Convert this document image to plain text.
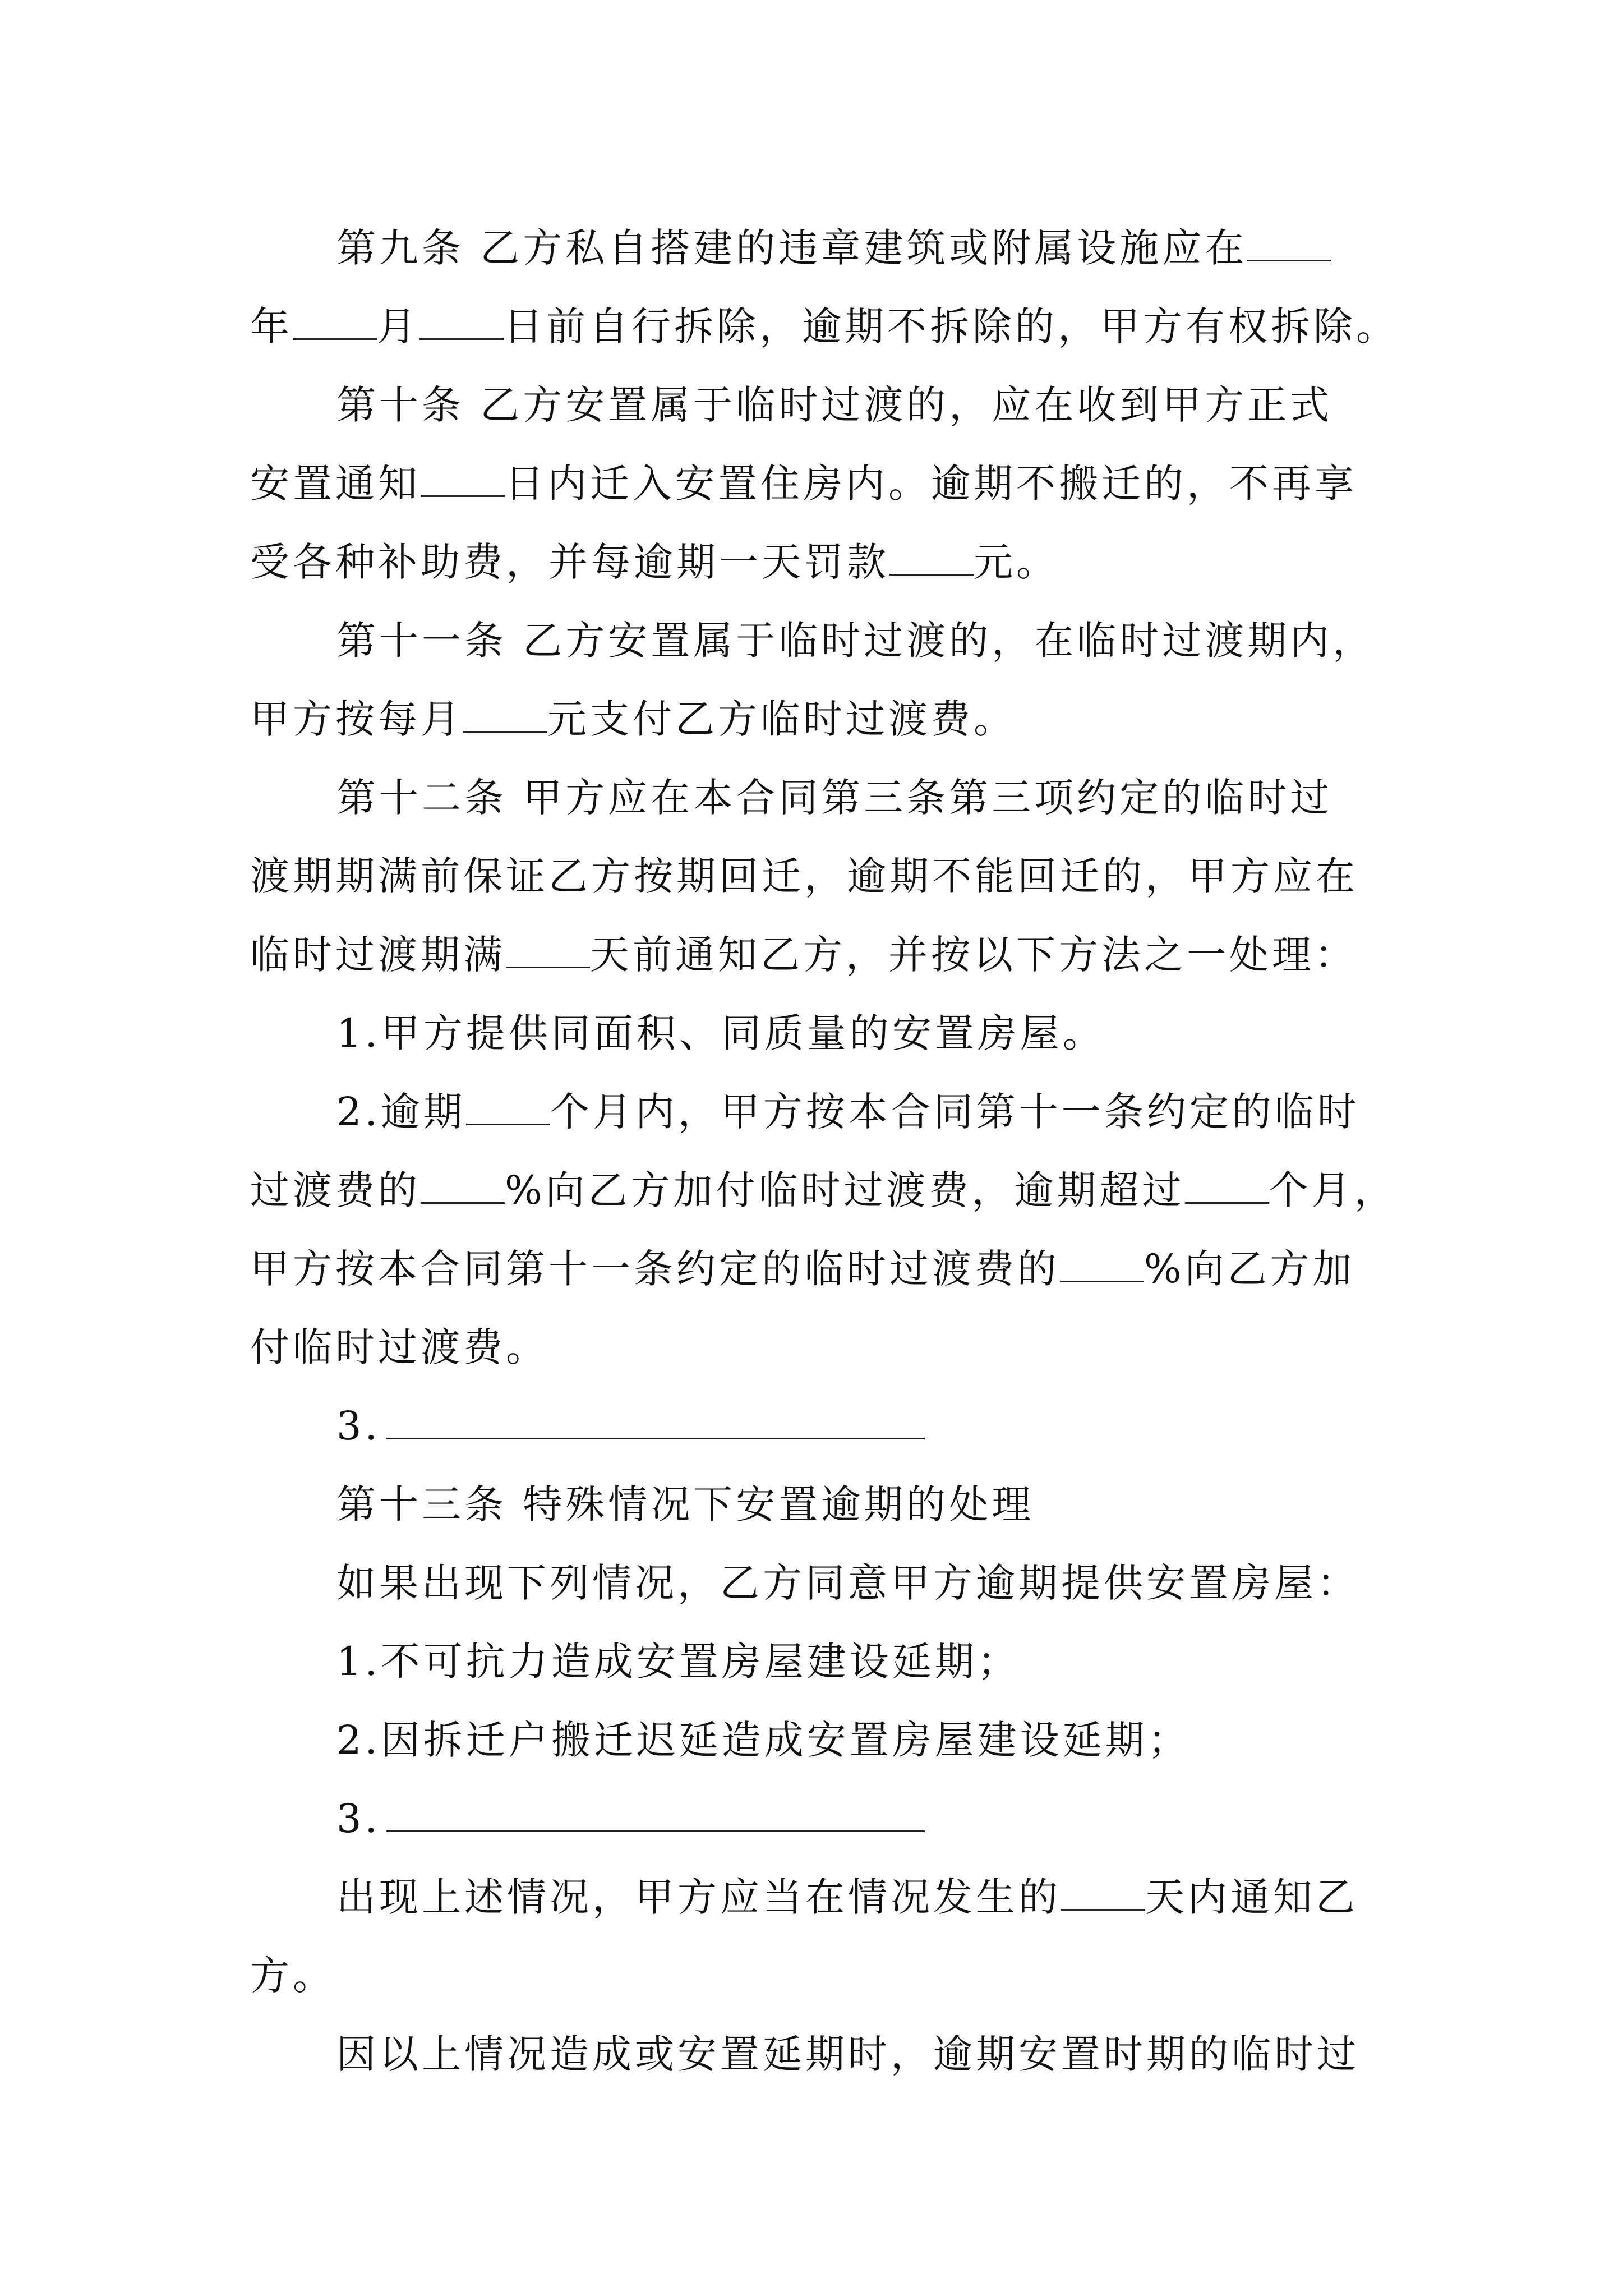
第九条 乙方私自搭建的违章建筑或附属设施应在
年 月 日前自行拆除，逾期不拆除的，甲方有权拆除。
第十条 乙方安置属于临时过渡的，应在收到甲方正式
安置通知 日内迁入安置住房内。逾期不搬迁的，不再享
受各种补助费，并每逾期一天罚款 元。
第十一条 乙方安置属于临时过渡的，在临时过渡期内，
甲方按每月 元支付乙方临时过渡费。
第十二条 甲方应在本合同第三条第三项约定的临时过
渡期期满前保证乙方按期回迁，逾期不能回迁的，甲方应在
临时过渡期满 天前通知乙方，并按以下方法之一处理：
1.甲方提供同面积、同质量的安置房屋。
2.逾期 个月内，甲方按本合同第十一条约定的临时
过渡费的 %向乙方加付临时过渡费，逾期超过 个月，
甲方按本合同第十一条约定的临时过渡费的 %向乙方加
付临时过渡费。
3.
第十三条 特殊情况下安置逾期的处理
如果出现下列情况，乙方同意甲方逾期提供安置房屋：
1.不可抗力造成安置房屋建设延期；
2.因拆迁户搬迁迟延造成安置房屋建设延期；
3.
出现上述情况，甲方应当在情况发生的 天内通知乙
方。
因以上情况造成或安置延期时，逾期安置时期的临时过
